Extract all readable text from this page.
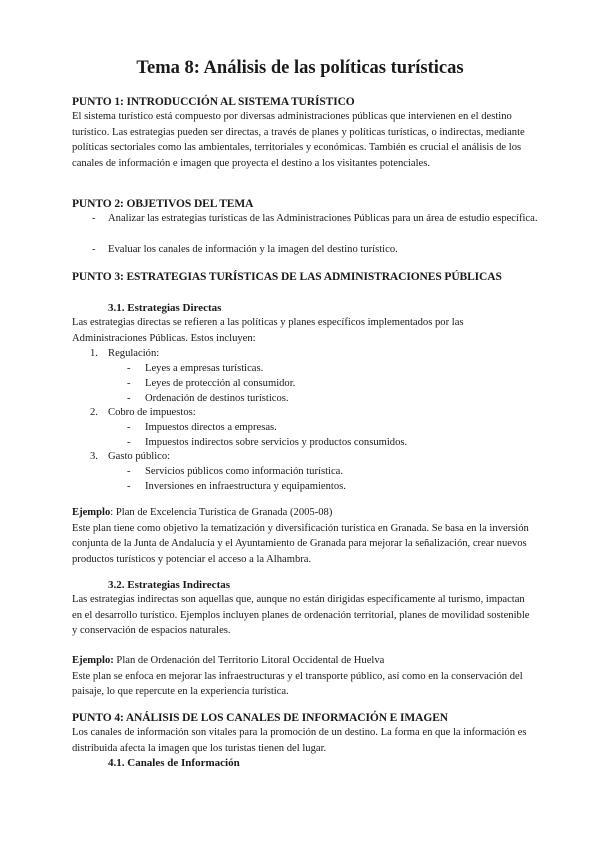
Tema 8: Análisis de las políticas turísticas
PUNTO 1: INTRODUCCIÓN AL SISTEMA TURÍSTICO

El sistema turístico está compuesto por diversas administraciones públicas que intervienen en el destino turístico. Las estrategias pueden ser directas, a través de planes y políticas turísticas, o indirectas, mediante políticas sectoriales como las ambientales, territoriales y económicas. También es crucial el análisis de los canales de información e imagen que proyecta el destino a los visitantes potenciales.

PUNTO 2: OBJETIVOS DEL TEMA
- Analizar las estrategias turísticas de las Administraciones Públicas para un área de estudio específica.
- Evaluar los canales de información y la imagen del destino turístico.
PUNTO 3: ESTRATEGIAS TURÍSTICAS DE LAS ADMINISTRACIONES PÚBLICAS
3.1. Estrategias Directas

Las estrategias directas se refieren a las políticas y planes específicos implementados por las Administraciones Públicas. Estos incluyen:

1. Regulación:
- Leyes a empresas turísticas.
- Leyes de protección al consumidor.
- Ordenación de destinos turísticos.
2. Cobro de impuestos:
- Impuestos directos a empresas.
- Impuestos indirectos sobre servicios y productos consumidos.
3. Gasto público:
- Servicios públicos como información turística.
- Inversiones en infraestructura y equipamientos.

Ejemplo: Plan de Excelencia Turística de Granada (2005-08)

Este plan tiene como objetivo la tematización y diversificación turística en Granada. Se basa en la inversión conjunta de la Junta de Andalucía y el Ayuntamiento de Granada para mejorar la señalización, crear nuevos productos turísticos y potenciar el acceso a la Alhambra.

3.2. Estrategias Indirectas

Las estrategias indirectas son aquellas que, aunque no están dirigidas específicamente al turismo, impactan en el desarrollo turístico. Ejemplos incluyen planes de ordenación territorial, planes de movilidad sostenible y conservación de espacios naturales.

Ejemplo: Plan de Ordenación del Territorio Litoral Occidental de Huelva

Este plan se enfoca en mejorar las infraestructuras y el transporte público, así como en la conservación del paisaje, lo que repercute en la experiencia turística.

PUNTO 4: ANÁLISIS DE LOS CANALES DE INFORMACIÓN E IMAGEN

Los canales de información son vitales para la promoción de un destino. La forma en que la información es distribuida afecta la imagen que los turistas tienen del lugar.

4.1. Canales de Información
